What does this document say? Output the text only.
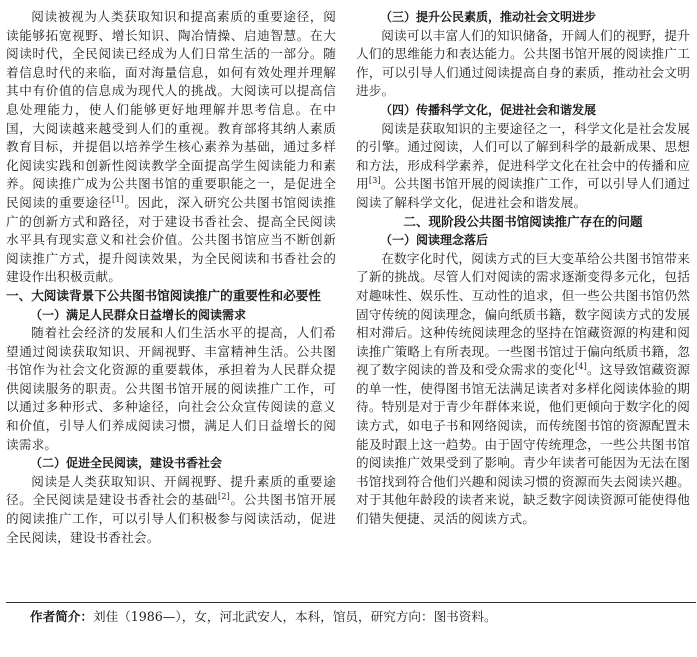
阅读被视为人类获取知识和提高素质的重要途径，阅读能够拓宽视野、增长知识、陶冶情操、启迪智慧。在大阅读时代，全民阅读已经成为人们日常生活的一部分。随着信息时代的来临，面对海量信息，如何有效处理并理解其中有价值的信息成为现代人的挑战。大阅读可以提高信息处理能力，使人们能够更好地理解并思考信息。在中国，大阅读越来越受到人们的重视。教育部将其纳人素质教育目标，并提倡以培养学生核心素养为基础，通过多样化阅读实践和创新性阅读教学全面提高学生阅读能力和素养。阅读推广成为公共图书馆的重要职能之一，是促进全民阅读的重要途径[1]。因此，深入研究公共图书馆阅读推广的创新方式和路径，对于建设书香社会、提高全民阅读水平具有现实意义和社会价值。公共图书馆应当不断创新阅读推广方式，提升阅读效果，为全民阅读和书香社会的建设作出积极贡献。

一、大阅读背景下公共图书馆阅读推广的重要性和必要性
（一）满足人民群众日益增长的阅读需求

随着社会经济的发展和人们生活水平的提高，人们希望通过阅读获取知识、开阔视野、丰富精神生活。公共图书馆作为社会文化资源的重要载体，承担着为人民群众提供阅读服务的职责。公共图书馆开展的阅读推广工作，可以通过多种形式、多种途径，向社会公众宣传阅读的意义和价值，引导人们养成阅读习惯，满足人们日益增长的阅读需求。

（二）促进全民阅读，建设书香社会

阅读是人类获取知识、开阔视野、提升素质的重要途径。全民阅读是建设书香社会的基础[2]。公共图书馆开展的阅读推广工作，可以引导人们积极参与阅读活动，促进全民阅读，建设书香社会。

（三）提升公民素质，推动社会文明进步

阅读可以丰富人们的知识储备，开阔人们的视野，提升人们的思维能力和表达能力。公共图书馆开展的阅读推广工作，可以引导人们通过阅读提高自身的素质，推动社会文明进步。

（四）传播科学文化，促进社会和谐发展

阅读是获取知识的主要途径之一，科学文化是社会发展的引擎。通过阅读，人们可以了解到科学的最新成果、思想和方法，形成科学素养，促进科学文化在社会中的传播和应用[3]。公共图书馆开展的阅读推广工作，可以引导人们通过阅读了解科学文化，促进社会和谐发展。

二、现阶段公共图书馆阅读推广存在的问题
（一）阅读理念落后

在数字化时代，阅读方式的巨大变革给公共图书馆带来了新的挑战。尽管人们对阅读的需求逐渐变得多元化，包括对趣味性、娱乐性、互动性的追求，但一些公共图书馆仍然固守传统的阅读理念，偏向纸质书籍，数字阅读方式的发展相对滞后。这种传统阅读理念的坚持在馆藏资源的构建和阅读推广策略上有所表现。一些图书馆过于偏向纸质书籍，忽视了数字阅读的普及和受众需求的变化[4]。这导致馆藏资源的单一性，使得图书馆无法满足读者对多样化阅读体验的期待。特别是对于青少年群体来说，他们更倾向于数字化的阅读方式，如电子书和网络阅读，而传统图书馆的资源配置未能及时跟上这一趋势。由于固守传统理念，一些公共图书馆的阅读推广效果受到了影响。青少年读者可能因为无法在图书馆找到符合他们兴趣和阅读习惯的资源而失去阅读兴趣。对于其他年龄段的读者来说，缺乏数字阅读资源可能使得他们错失便捷、灵活的阅读方式。

作者简介：刘佳（1986—），女，河北武安人，本科，馆员，研究方向：图书资料。
